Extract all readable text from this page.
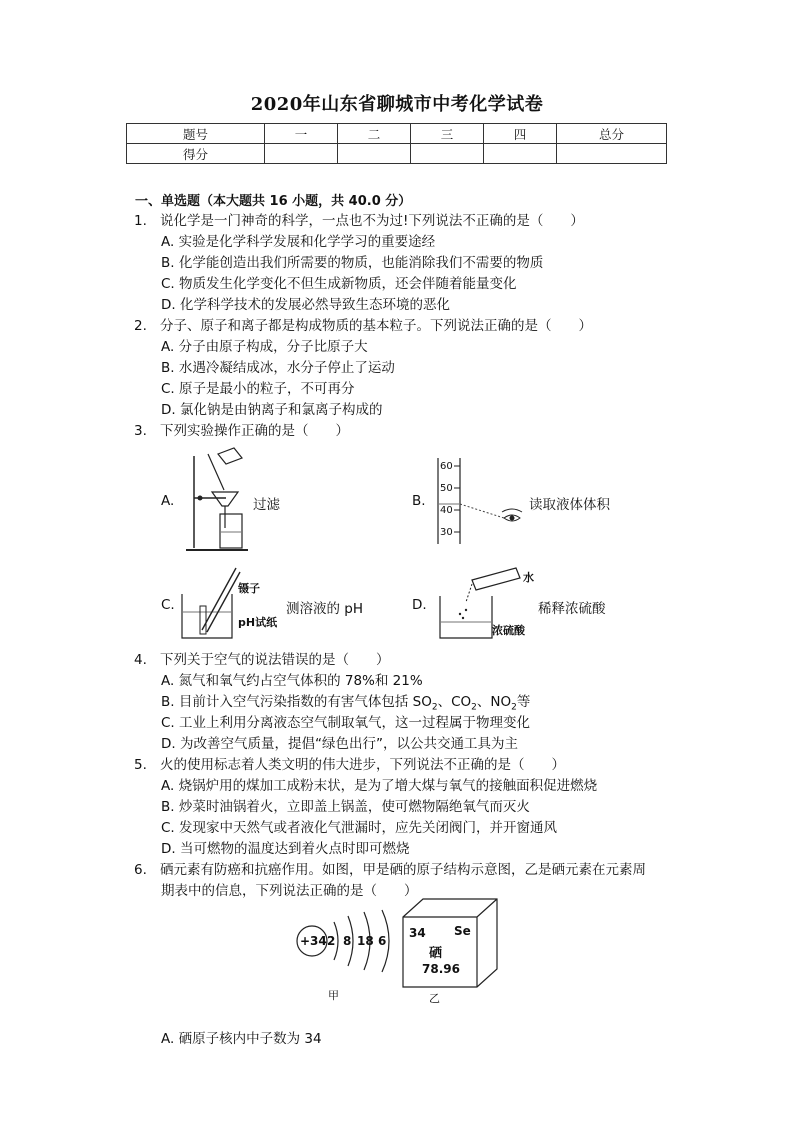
2020年山东省聊城市中考化学试卷
题号	一	二	三	四	总分
得分					
一、单选题（本大题共 16 小题，共 40.0 分）
1. 说化学是一门神奇的科学，一点也不为过!下列说法不正确的是（　　）
A. 实验是化学科学发展和化学学习的重要途经
B. 化学能创造出我们所需要的物质，也能消除我们不需要的物质
C. 物质发生化学变化不但生成新物质，还会伴随着能量变化
D. 化学科学技术的发展必然导致生态环境的恶化
2. 分子、原子和离子都是构成物质的基本粒子。下列说法正确的是（　　）
A. 分子由原子构成，分子比原子大
B. 水遇冷凝结成冰，水分子停止了运动
C. 原子是最小的粒子，不可再分
D. 氯化钠是由钠离子和氯离子构成的
3. 下列实验操作正确的是（　　）
A.	过滤	B.
60
50
40
30
读取液体体积
C.
镊子
pH试纸
测溶液的 pH	D.
水
浓硫酸
稀释浓硫酸
4. 下列关于空气的说法错误的是（　　）
A. 氮气和氧气约占空气体积的 78%和 21%
B. 目前计入空气污染指数的有害气体包括 $SO_2$、$CO_2$、$NO_2$等
C. 工业上利用分离液态空气制取氧气，这一过程属于物理变化
D. 为改善空气质量，提倡“绿色出行”，以公共交通工具为主
5. 火的使用标志着人类文明的伟大进步，下列说法不正确的是（　　）
A. 烧锅炉用的煤加工成粉末状，是为了增大煤与氧气的接触面积促进燃烧
B. 炒菜时油锅着火，立即盖上锅盖，使可燃物隔绝氧气而灭火
C. 发现家中天然气或者液化气泄漏时，应先关闭阀门，并开窗通风
D. 当可燃物的温度达到着火点时即可燃烧
6. 硒元素有防癌和抗癌作用。如图，甲是硒的原子结构示意图，乙是硒元素在元素周
期表中的信息，下列说法正确的是（　　）
+34 2 8 18 6
甲
34 Se
硒
78.96
乙
A. 硒原子核内中子数为 34
